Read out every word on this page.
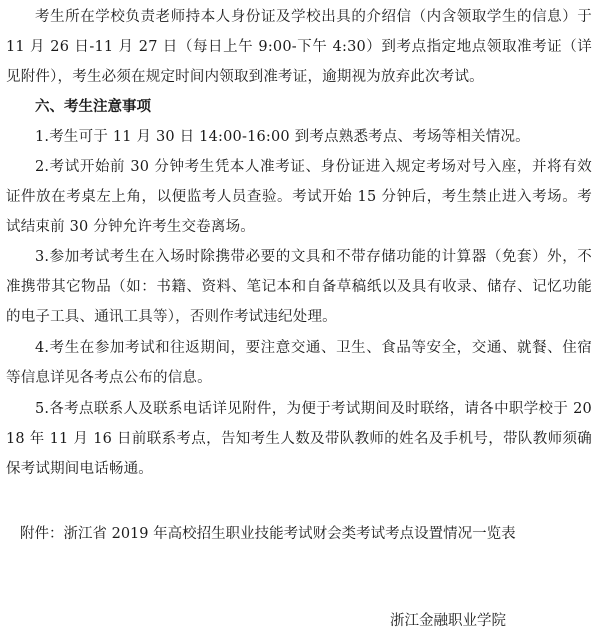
考生所在学校负责老师持本人身份证及学校出具的介绍信（内含领取学生的信息）于 11 月 26 日-11 月 27 日（每日上午 9:00-下午 4:30）到考点指定地点领取准考证（详见附件），考生必须在规定时间内领取到准考证，逾期视为放弃此次考试。

六、考生注意事项

1.考生可于 11 月 30 日 14:00-16:00 到考点熟悉考点、考场等相关情况。

2.考试开始前 30 分钟考生凭本人准考证、身份证进入规定考场对号入座，并将有效证件放在考桌左上角，以便监考人员查验。考试开始 15 分钟后，考生禁止进入考场。考试结束前 30 分钟允许考生交卷离场。

3.参加考试考生在入场时除携带必要的文具和不带存储功能的计算器（免套）外，不准携带其它物品（如：书籍、资料、笔记本和自备草稿纸以及具有收录、储存、记忆功能的电子工具、通讯工具等），否则作考试违纪处理。

4.考生在参加考试和往返期间，要注意交通、卫生、食品等安全，交通、就餐、住宿等信息详见各考点公布的信息。

5.各考点联系人及联系电话详见附件，为便于考试期间及时联络，请各中职学校于 2018 年 11 月 16 日前联系考点，告知考生人数及带队教师的姓名及手机号，带队教师须确保考试期间电话畅通。

附件：浙江省 2019 年高校招生职业技能考试财会类考试考点设置情况一览表

浙江金融职业学院
